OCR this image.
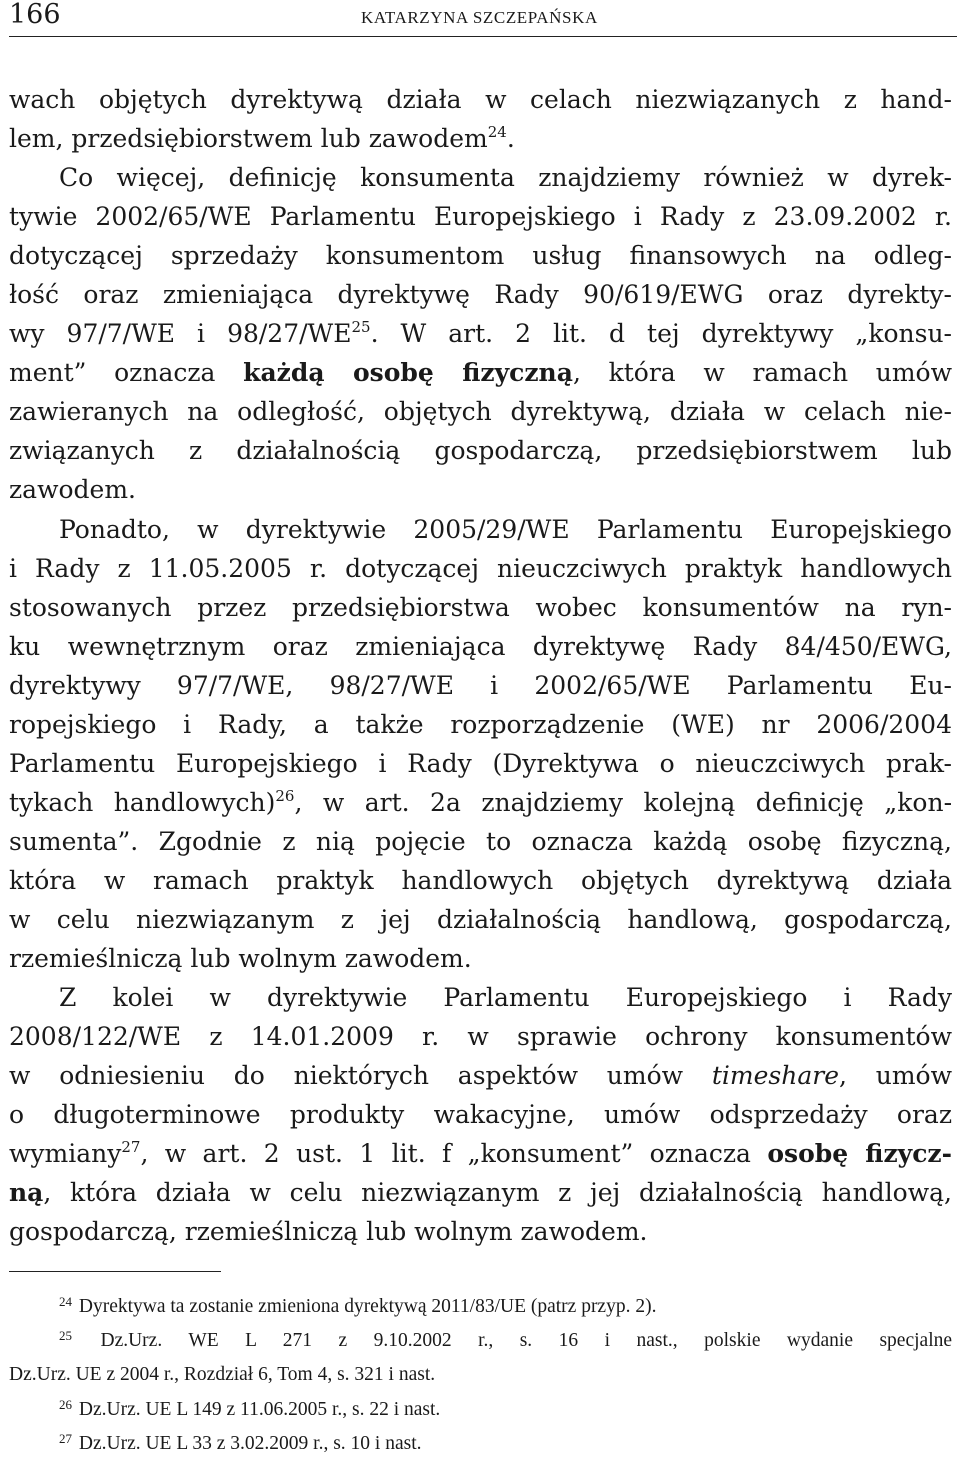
166	KATARZYNA SZCZEPAŃSKA
wach objętych dyrektywą działa w celach niezwiązanych z hand-
lem, przedsiębiorstwem lub zawodem$^{24}$.
Co więcej, definicję konsumenta znajdziemy również w dyrek-
tywie 2002/65/WE Parlamentu Europejskiego i Rady z 23.09.2002 r.
dotyczącej sprzedaży konsumentom usług finansowych na odleg-
łość oraz zmieniająca dyrektywę Rady 90/619/EWG oraz dyrekty-
wy 97/7/WE i 98/27/WE$^{25}$. W art. 2 lit. d tej dyrektywy „konsu-
ment” oznacza każdą osobę fizyczną, która w ramach umów
zawieranych na odległość, objętych dyrektywą, działa w celach nie-
związanych z działalnością gospodarczą, przedsiębiorstwem lub
zawodem.
Ponadto, w dyrektywie 2005/29/WE Parlamentu Europejskiego
i Rady z 11.05.2005 r. dotyczącej nieuczciwych praktyk handlowych
stosowanych przez przedsiębiorstwa wobec konsumentów na ryn-
ku wewnętrznym oraz zmieniająca dyrektywę Rady 84/450/EWG,
dyrektywy 97/7/WE, 98/27/WE i 2002/65/WE Parlamentu Eu-
ropejskiego i Rady, a także rozporządzenie (WE) nr 2006/2004
Parlamentu Europejskiego i Rady (Dyrektywa o nieuczciwych prak-
tykach handlowych)$^{26}$, w art. 2a znajdziemy kolejną definicję „kon-
sumenta”. Zgodnie z nią pojęcie to oznacza każdą osobę fizyczną,
która w ramach praktyk handlowych objętych dyrektywą działa
w celu niezwiązanym z jej działalnością handlową, gospodarczą,
rzemieślniczą lub wolnym zawodem.
Z kolei w dyrektywie Parlamentu Europejskiego i Rady
2008/122/WE z 14.01.2009 r. w sprawie ochrony konsumentów
w odniesieniu do niektórych aspektów umów timeshare, umów
o długoterminowe produkty wakacyjne, umów odsprzedaży oraz
wymiany$^{27}$, w art. 2 ust. 1 lit. f „konsument” oznacza osobę fizycz-
ną, która działa w celu niezwiązanym z jej działalnością handlową,
gospodarczą, rzemieślniczą lub wolnym zawodem.
$^{24}$ Dyrektywa ta zostanie zmieniona dyrektywą 2011/83/UE (patrz przyp. 2).
$^{25}$ Dz.Urz. WE L 271 z 9.10.2002 r., s. 16 i nast., polskie wydanie specjalne
Dz.Urz. UE z 2004 r., Rozdział 6, Tom 4, s. 321 i nast.
$^{26}$ Dz.Urz. UE L 149 z 11.06.2005 r., s. 22 i nast.
$^{27}$ Dz.Urz. UE L 33 z 3.02.2009 r., s. 10 i nast.
